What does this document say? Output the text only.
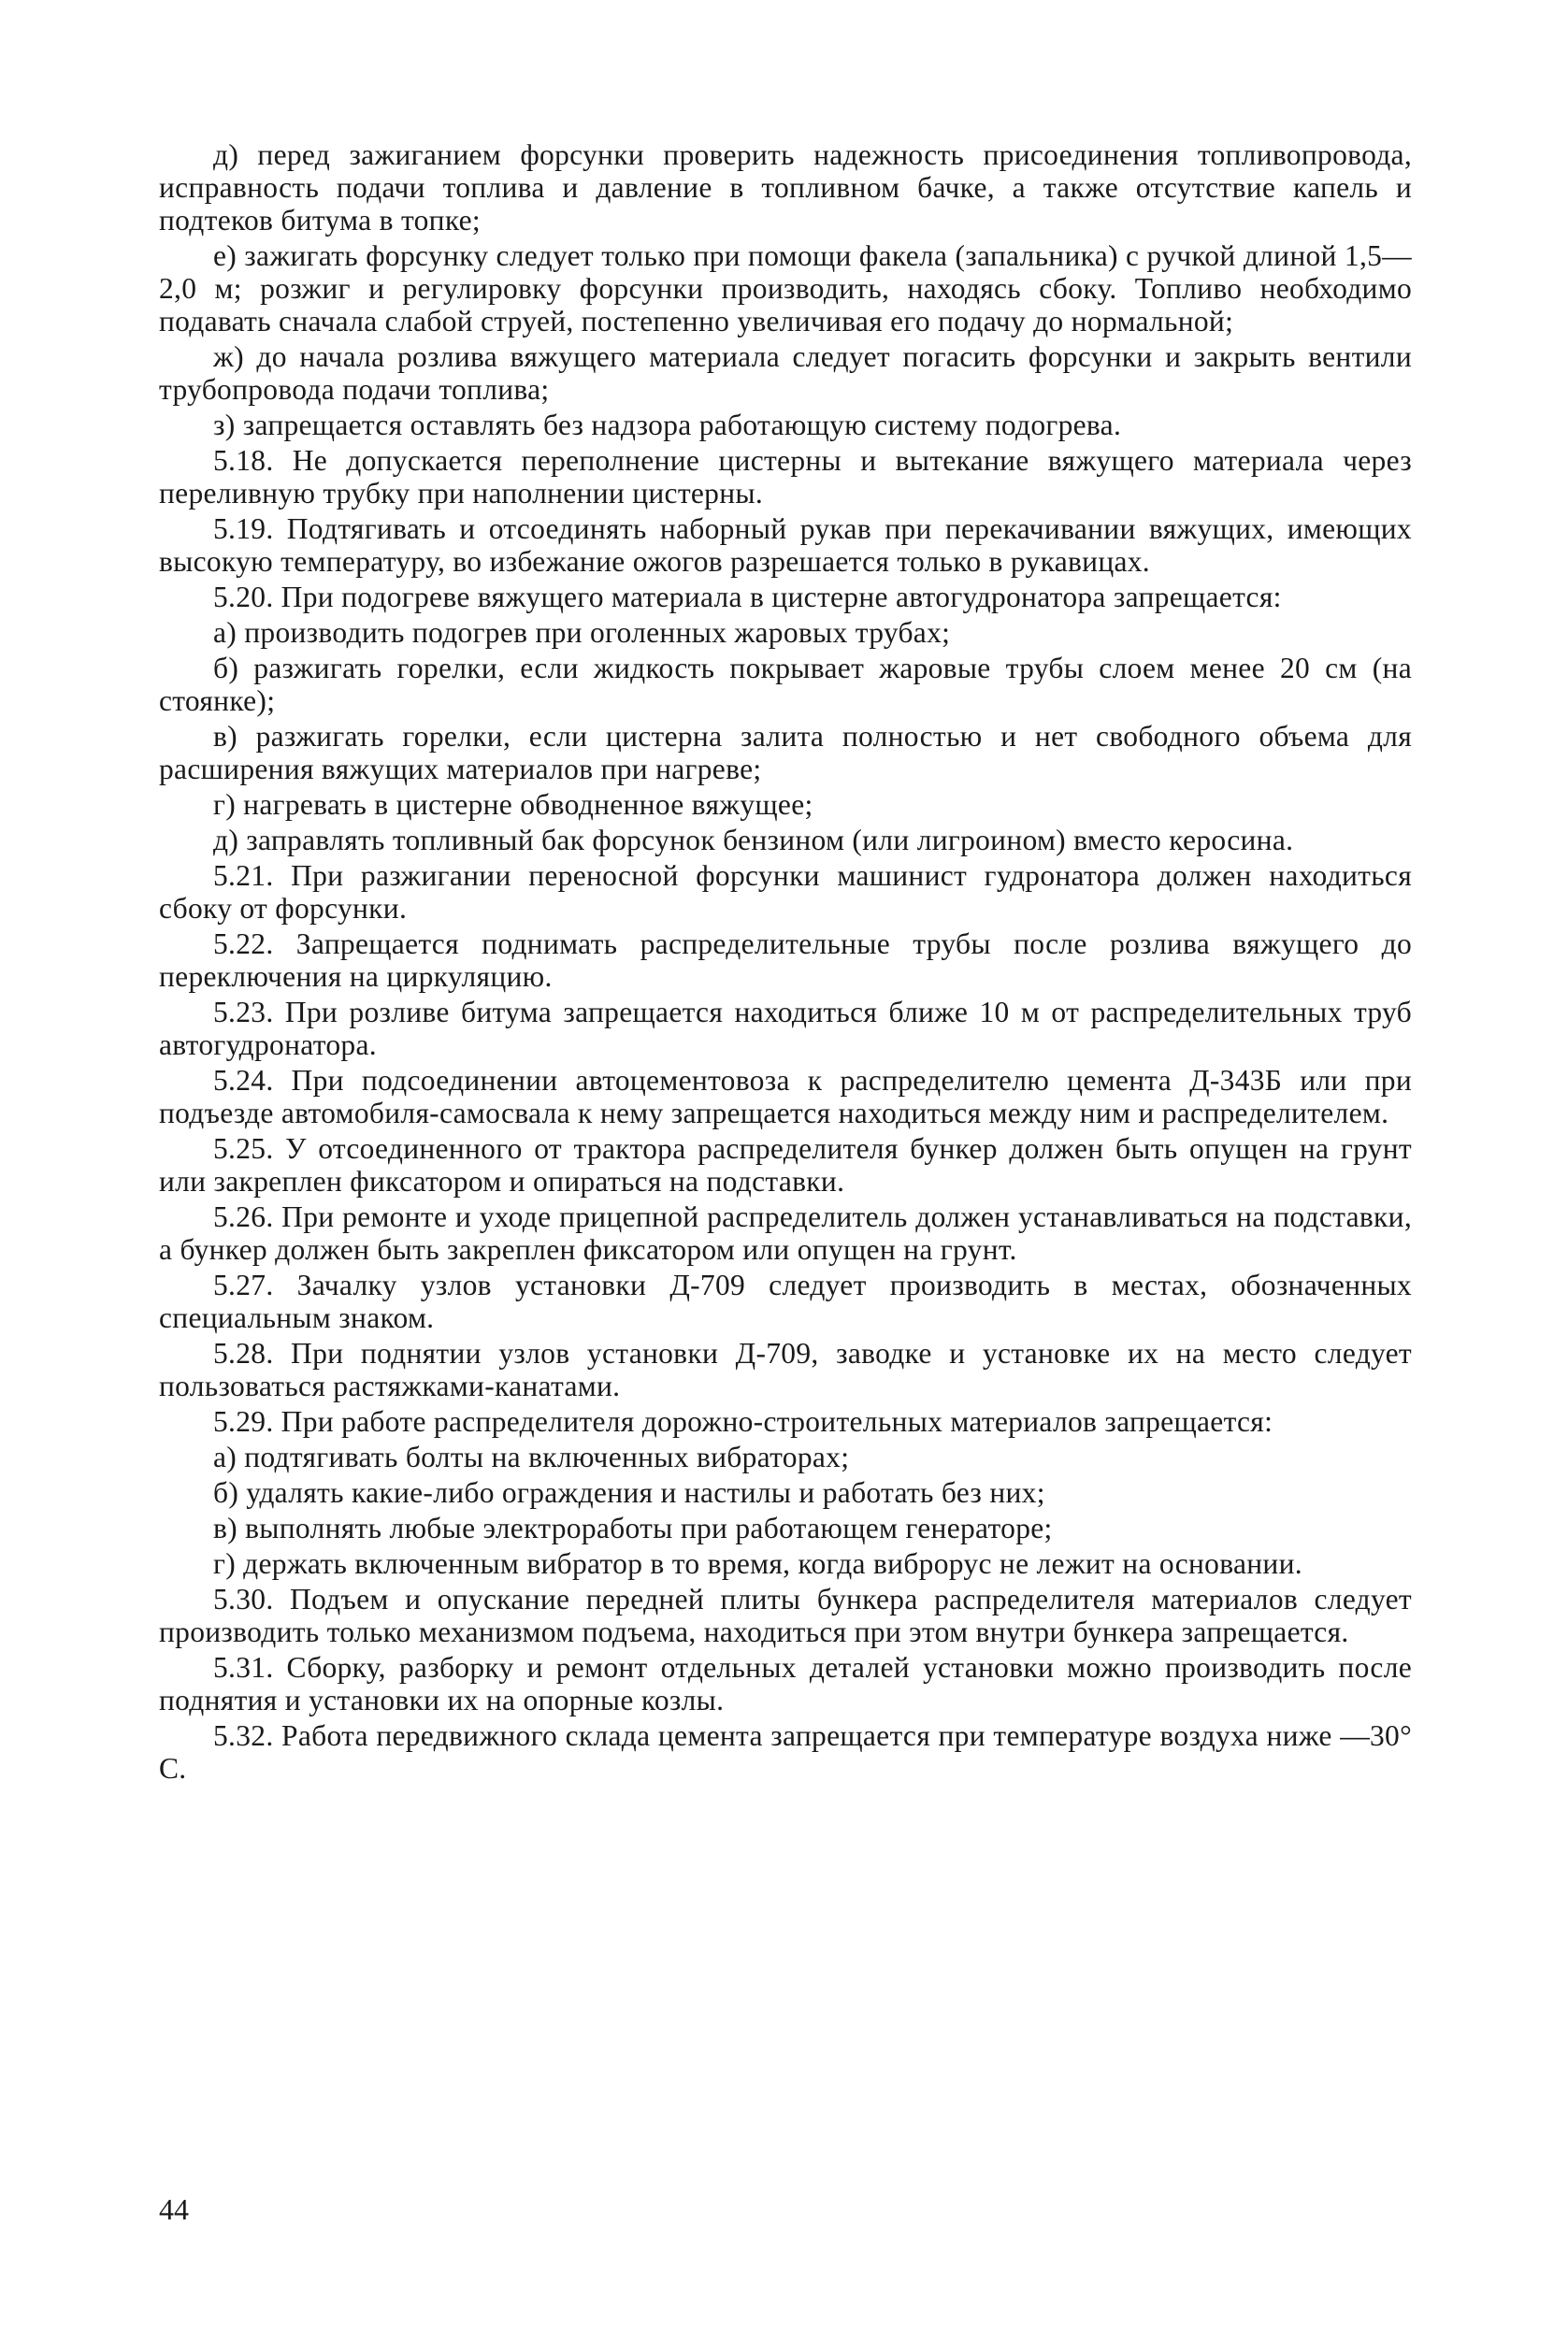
д) перед зажиганием форсунки проверить надежность присоединения топливопровода, исправность подачи топлива и давление в топливном бачке, а также отсутствие капель и подтеков битума в топке;

е) зажигать форсунку следует только при помощи факела (запальника) с ручкой длиной 1,5—2,0 м; розжиг и регулировку форсунки производить, находясь сбоку. Топливо необходимо подавать сначала слабой струей, постепенно увеличивая его подачу до нормальной;

ж) до начала розлива вяжущего материала следует погасить форсунки и закрыть вентили трубопровода подачи топлива;

з) запрещается оставлять без надзора работающую систему подогрева.

5.18. Не допускается переполнение цистерны и вытекание вяжущего материала через переливную трубку при наполнении цистерны.

5.19. Подтягивать и отсоединять наборный рукав при перекачивании вяжущих, имеющих высокую температуру, во избежание ожогов разрешается только в рукавицах.

5.20. При подогреве вяжущего материала в цистерне автогудронатора запрещается:

а) производить подогрев при оголенных жаровых трубах;

б) разжигать горелки, если жидкость покрывает жаровые трубы слоем менее 20 см (на стоянке);

в) разжигать горелки, если цистерна залита полностью и нет свободного объема для расширения вяжущих материалов при нагреве;

г) нагревать в цистерне обводненное вяжущее;

д) заправлять топливный бак форсунок бензином (или лигроином) вместо керосина.

5.21. При разжигании переносной форсунки машинист гудронатора должен находиться сбоку от форсунки.

5.22. Запрещается поднимать распределительные трубы после розлива вяжущего до переключения на циркуляцию.

5.23. При розливе битума запрещается находиться ближе 10 м от распределительных труб автогудронатора.

5.24. При подсоединении автоцементовоза к распределителю цемента Д-343Б или при подъезде автомобиля-самосвала к нему запрещается находиться между ним и распределителем.

5.25. У отсоединенного от трактора распределителя бункер должен быть опущен на грунт или закреплен фиксатором и опираться на подставки.

5.26. При ремонте и уходе прицепной распределитель должен устанавливаться на подставки, а бункер должен быть закреплен фиксатором или опущен на грунт.

5.27. Зачалку узлов установки Д-709 следует производить в местах, обозначенных специальным знаком.

5.28. При поднятии узлов установки Д-709, заводке и установке их на место следует пользоваться растяжками-канатами.

5.29. При работе распределителя дорожно-строительных материалов запрещается:

а) подтягивать болты на включенных вибраторах;

б) удалять какие-либо ограждения и настилы и работать без них;

в) выполнять любые электроработы при работающем генераторе;

г) держать включенным вибратор в то время, когда виброрус не лежит на основании.

5.30. Подъем и опускание передней плиты бункера распределителя материалов следует производить только механизмом подъема, находиться при этом внутри бункера запрещается.

5.31. Сборку, разборку и ремонт отдельных деталей установки можно производить после поднятия и установки их на опорные козлы.

5.32. Работа передвижного склада цемента запрещается при температуре воздуха ниже —30° С.

44
